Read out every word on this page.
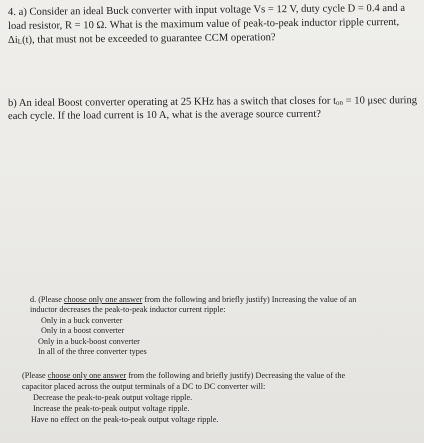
4. a) Consider an ideal Buck converter with input voltage Vs = 12 V, duty cycle D = 0.4 and a
load resistor, R = 10 Ω. What is the maximum value of peak-to-peak inductor ripple current,
ΔiL(t), that must not be exceeded to guarantee CCM operation?
b) An ideal Boost converter operating at 25 KHz has a switch that closes for ton = 10 μsec during
each cycle. If the load current is 10 A, what is the average source current?
d. (Please choose only one answer from the following and briefly justify) Increasing the value of an
inductor decreases the peak-to-peak inductor current ripple:
Only in a buck converter
Only in a boost converter
Only in a buck-boost converter
In all of the three converter types
(Please choose only one answer from the following and briefly justify) Decreasing the value of the
capacitor placed across the output terminals of a DC to DC converter will:
Decrease the peak-to-peak output voltage ripple.
Increase the peak-to-peak output voltage ripple.
Have no effect on the peak-to-peak output voltage ripple.
